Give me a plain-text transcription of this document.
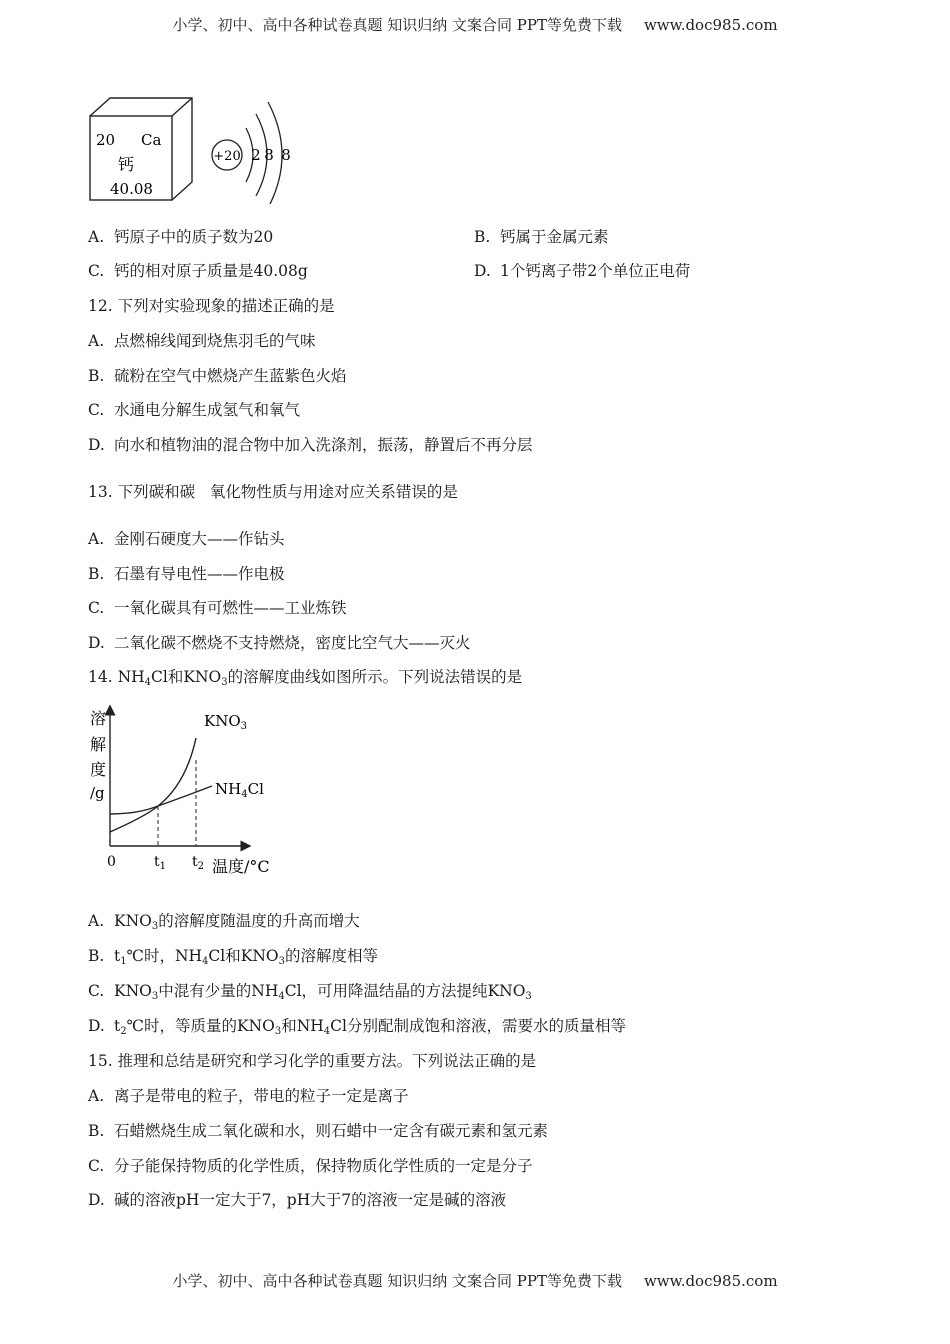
小学、初中、高中各种试卷真题 知识归纳 文案合同 PPT等免费下载 www.doc985.com
20 Ca
钙
40.08
+20 2 8 8
A. 钙原子中的质子数为20	B. 钙属于金属元素
C. 钙的相对原子质量是40.08g	D. 1个钙离子带2个单位正电荷
12. 下列对实验现象的描述正确的是
A. 点燃棉线闻到烧焦羽毛的气味
B. 硫粉在空气中燃烧产生蓝紫色火焰
C. 水通电分解生成氢气和氧气
D. 向水和植物油的混合物中加入洗涤剂，振荡，静置后不再分层
13. 下列碳和碳   氧化物性质与用途对应关系错误的是
A. 金刚石硬度大——作钻头
B. 石墨有导电性——作电极
C. 一氧化碳具有可燃性——工业炼铁
D. 二氧化碳不燃烧不支持燃烧，密度比空气大——灭火
14. $NH_4Cl$和$KNO_3$的溶解度曲线如图所示。下列说法错误的是
溶
解
度
/g
0	$t_1$ $t_2$ 温度/°C
$KNO_3$
$NH_4Cl$
A. $KNO_3$的溶解度随温度的升高而增大
B. $t_1℃$时，$NH_4Cl$和$KNO_3$的溶解度相等
C. $KNO_3$中混有少量的$NH_4Cl$，可用降温结晶的方法提纯$KNO_3$
D. $t_2℃$时，等质量的$KNO_3$和$NH_4Cl$分别配制成饱和溶液，需要水的质量相等
15. 推理和总结是研究和学习化学的重要方法。下列说法正确的是
A. 离子是带电的粒子，带电的粒子一定是离子
B. 石蜡燃烧生成二氧化碳和水，则石蜡中一定含有碳元素和氢元素
C. 分子能保持物质的化学性质，保持物质化学性质的一定是分子
D. 碱的溶液pH一定大于7，pH大于7的溶液一定是碱的溶液
小学、初中、高中各种试卷真题 知识归纳 文案合同 PPT等免费下载 www.doc985.com
